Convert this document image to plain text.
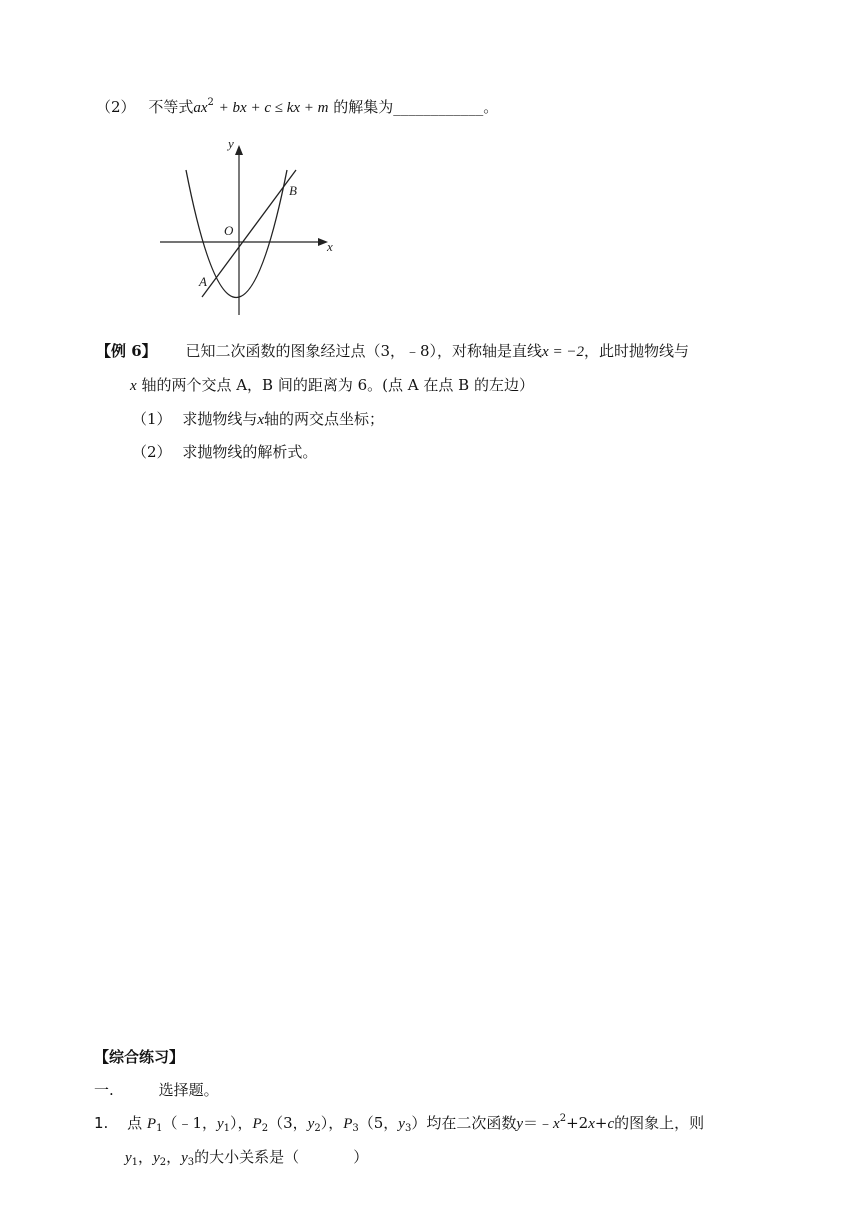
（2） 不等式$ax^2$ + bx + c ≤ kx + m 的解集为____________。
y
x
O
A
B
【例 6】 已知二次函数的图象经过点（3，﹣8），对称轴是直线x = −2，此时抛物线与
x 轴的两个交点 A，B 间的距离为 6。(点 A 在点 B 的左边）
（1） 求抛物线与x轴的两交点坐标；
（2） 求抛物线的解析式。
【综合练习】
一.	选择题。
1. 点 $P_1(﹣1$，$y_1$），$P_2(3$，$y_2$），$P_3(5$，$y_3$）均在二次函数$y=﹣x^2+2x+c$的图象上，则
$y_1$，$y_2$，$y_3$的大小关系是（	）
